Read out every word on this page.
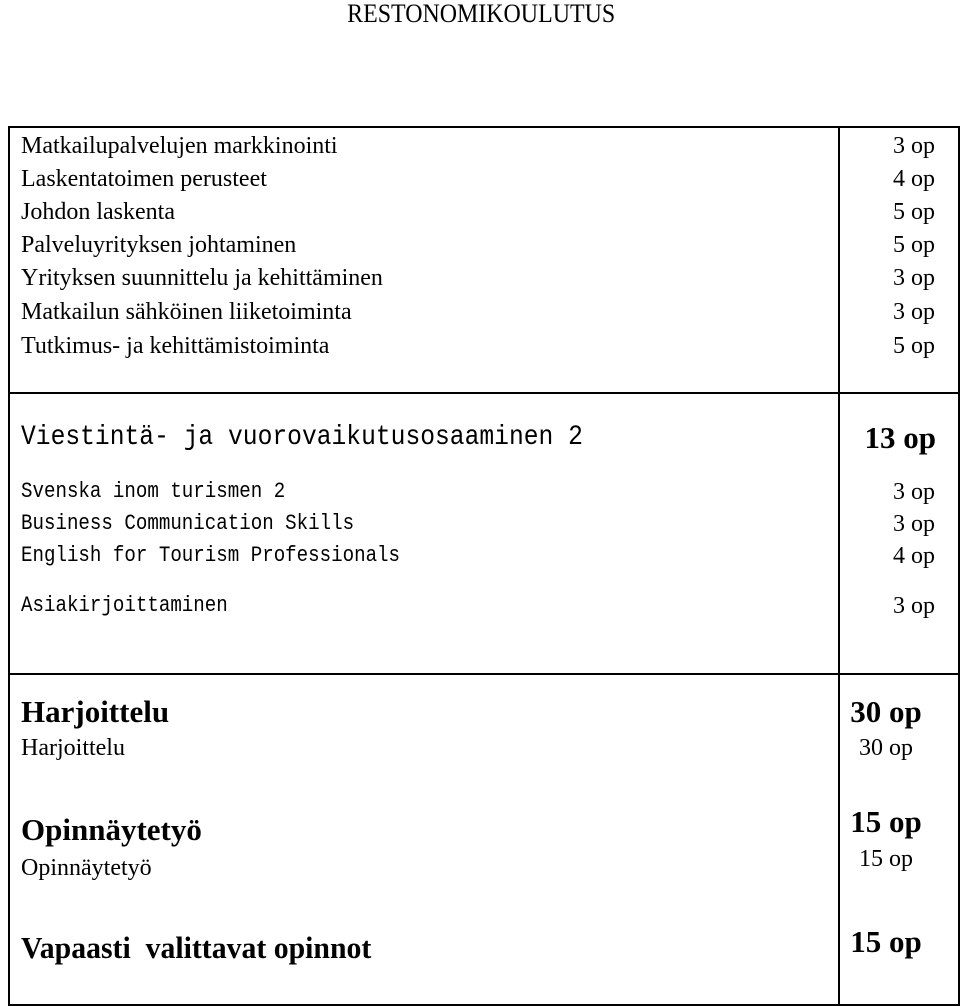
RESTONOMIKOULUTUS
Matkailupalvelujen markkinointi	3 op
Laskentatoimen perusteet	4 op
Johdon laskenta	5 op
Palveluyrityksen johtaminen	5 op
Yrityksen suunnittelu ja kehittäminen	3 op
Matkailun sähköinen liiketoiminta	3 op
Tutkimus- ja kehittämistoiminta	5 op
Viestintä- ja vuorovaikutusosaaminen 2	13 op
Svenska inom turismen 2	3 op
Business Communication Skills	3 op
English for Tourism Professionals	4 op
Asiakirjoittaminen	3 op
Harjoittelu	30 op
Harjoittelu	30 op
Opinnäytetyö	15 op
Opinnäytetyö	15 op
Vapaasti  valittavat opinnot	15 op
